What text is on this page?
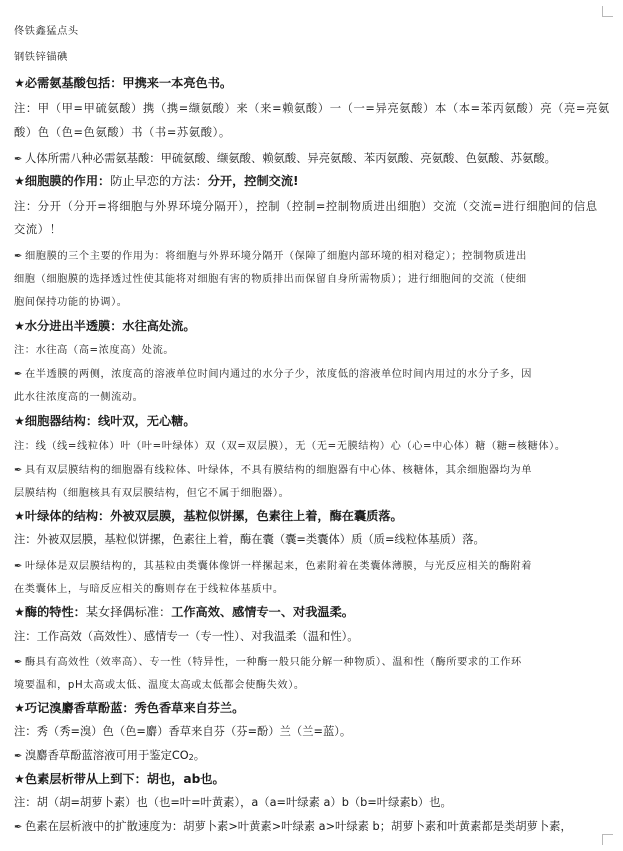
佟铁鑫猛点头
钢铁锌锚碘
★必需氨基酸包括：甲携来一本亮色书。
注：甲（甲=甲硫氨酸）携（携=缬氨酸）来（来=赖氨酸）一（一=异亮氨酸）本（本=苯丙氨酸）亮（亮=亮氨
酸）色（色=色氨酸）书（书=苏氨酸）。
✒ 人体所需八种必需氨基酸：甲硫氨酸、缬氨酸、赖氨酸、异亮氨酸、苯丙氨酸、亮氨酸、色氨酸、苏氨酸。
★细胞膜的作用：防止早恋的方法：分开，控制交流!
注：分开（分开=将细胞与外界环境分隔开），控制（控制=控制物质进出细胞）交流（交流=进行细胞间的信息
交流）！
✒ 细胞膜的三个主要的作用为：将细胞与外界环境分隔开（保障了细胞内部环境的相对稳定）；控制物质进出
细胞（细胞膜的选择透过性使其能将对细胞有害的物质排出而保留自身所需物质）；进行细胞间的交流（使细
胞间保持功能的协调）。
★水分进出半透膜：水往高处流。
注：水往高（高=浓度高）处流。
✒ 在半透膜的两侧，浓度高的溶液单位时间内通过的水分子少，浓度低的溶液单位时间内用过的水分子多，因
此水往浓度高的一侧流动。
★细胞器结构：线叶双，无心糖。
注：线（线=线粒体）叶（叶=叶绿体）双（双=双层膜），无（无=无膜结构）心（心=中心体）糖（糖=核糖体）。
✒ 具有双层膜结构的细胞器有线粒体、叶绿体，不具有膜结构的细胞器有中心体、核糖体，其余细胞器均为单
层膜结构（细胞核具有双层膜结构，但它不属于细胞器）。
★叶绿体的结构：外被双层膜，基粒似饼摞，色素往上着，酶在囊质落。
注：外被双层膜，基粒似饼摞，色素往上着，酶在囊（囊=类囊体）质（质=线粒体基质）落。
✒ 叶绿体是双层膜结构的，其基粒由类囊体像饼一样摞起来，色素附着在类囊体薄膜，与光反应相关的酶附着
在类囊体上，与暗反应相关的酶则存在于线粒体基质中。
★酶的特性：某女择偶标准：工作高效、感情专一、对我温柔。
注：工作高效（高效性）、感情专一（专一性）、对我温柔（温和性）。
✒ 酶具有高效性（效率高）、专一性（特异性，一种酶一般只能分解一种物质）、温和性（酶所要求的工作环
境要温和，pH太高或太低、温度太高或太低都会使酶失效）。
★巧记溴麝香草酚蓝：秀色香草来自芬兰。
注：秀（秀=溴）色（色=麝）香草来自芬（芬=酚）兰（兰=蓝）。
✒ 溴麝香草酚蓝溶液可用于鉴定CO2。
★色素层析带从上到下：胡也，ab也。
注：胡（胡=胡萝卜素）也（也=叶=叶黄素），a（a=叶绿素 a）b（b=叶绿素b）也。
✒ 色素在层析液中的扩散速度为：胡萝卜素>叶黄素>叶绿素 a>叶绿素 b；胡萝卜素和叶黄素都是类胡萝卜素，
